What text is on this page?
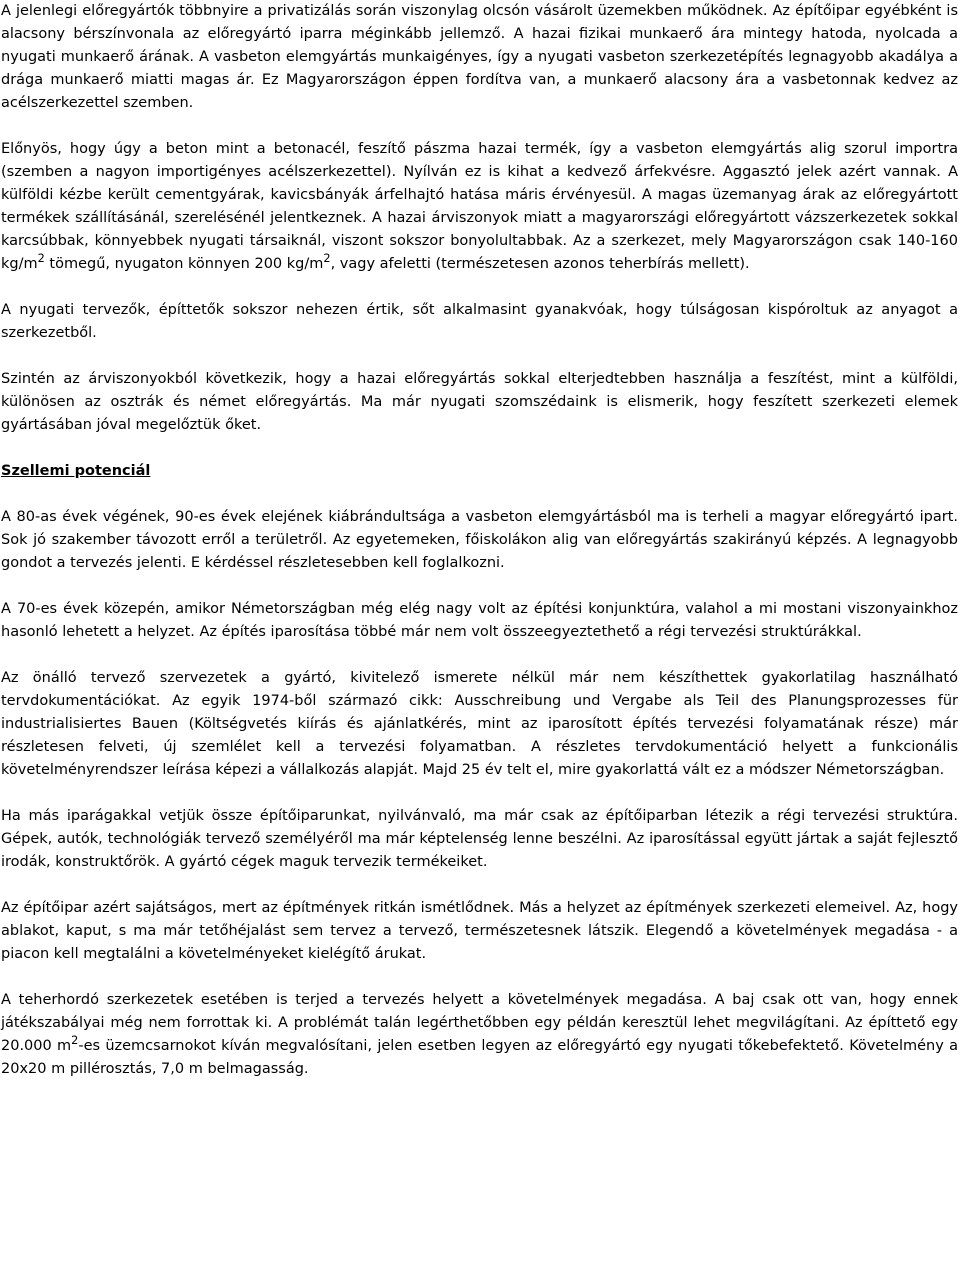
A jelenlegi előregyártók többnyire a privatizálás során viszonylag olcsón vásárolt üzemekben működnek. Az építőipar egyébként is alacsony bérszínvonala az előregyártó iparra méginkább jellemző. A hazai fizikai munkaerő ára mintegy hatoda, nyolcada a nyugati munkaerő árának. A vasbeton elemgyártás munkaigényes, így a nyugati vasbeton szerkezetépítés legnagyobb akadálya a drága munkaerő miatti magas ár. Ez Magyarországon éppen fordítva van, a munkaerő alacsony ára a vasbetonnak kedvez az acélszerkezettel szemben.

Előnyös, hogy úgy a beton mint a betonacél, feszítő pászma hazai termék, így a vasbeton elemgyártás alig szorul importra (szemben a nagyon importigényes acélszerkezettel). Nyílván ez is kihat a kedvező árfekvésre. Aggasztó jelek azért vannak. A külföldi kézbe került cementgyárak, kavicsbányák árfelhajtó hatása máris érvényesül. A magas üzemanyag árak az előregyártott termékek szállításánál, szerelésénél jelentkeznek. A hazai árviszonyok miatt a magyarországi előregyártott vázszerkezetek sokkal karcsúbbak, könnyebbek nyugati társaiknál, viszont sokszor bonyolultabbak. Az a szerkezet, mely Magyarországon csak 140-160 $kg/m^2$ tömegű, nyugaton könnyen 200 $kg/m^2$, vagy afeletti (természetesen azonos teherbírás mellett).

A nyugati tervezők, építtetők sokszor nehezen értik, sőt alkalmasint gyanakvóak, hogy túlságosan kispóroltuk az anyagot a szerkezetből.

Szintén az árviszonyokból következik, hogy a hazai előregyártás sokkal elterjedtebben használja a feszítést, mint a külföldi, különösen az osztrák és német előregyártás. Ma már nyugati szomszédaink is elismerik, hogy feszített szerkezeti elemek gyártásában jóval megelőztük őket.

Szellemi potenciál

A 80-as évek végének, 90-es évek elejének kiábrándultsága a vasbeton elemgyártásból ma is terheli a magyar előregyártó ipart. Sok jó szakember távozott erről a területről. Az egyetemeken, főiskolákon alig van előregyártás szakirányú képzés. A legnagyobb gondot a tervezés jelenti. E kérdéssel részletesebben kell foglalkozni.

A 70-es évek közepén, amikor Németországban még elég nagy volt az építési konjunktúra, valahol a mi mostani viszonyainkhoz hasonló lehetett a helyzet. Az építés iparosítása többé már nem volt összeegyeztethető a régi tervezési struktúrákkal.

Az önálló tervező szervezetek a gyártó, kivitelező ismerete nélkül már nem készíthettek gyakorlatilag használható tervdokumentációkat. Az egyik 1974-ből származó cikk: Ausschreibung und Vergabe als Teil des Planungsprozesses für industrialisiertes Bauen (Költségvetés kiírás és ajánlatkérés, mint az iparosított építés tervezési folyamatának része) már részletesen felveti, új szemlélet kell a tervezési folyamatban. A részletes tervdokumentáció helyett a funkcionális követelményrendszer leírása képezi a vállalkozás alapját. Majd 25 év telt el, mire gyakorlattá vált ez a módszer Németországban.

Ha más iparágakkal vetjük össze építőiparunkat, nyilvánvaló, ma már csak az építőiparban létezik a régi tervezési struktúra. Gépek, autók, technológiák tervező személyéről ma már képtelenség lenne beszélni. Az iparosítással együtt jártak a saját fejlesztő irodák, konstruktőrök. A gyártó cégek maguk tervezik termékeiket.

Az építőipar azért sajátságos, mert az építmények ritkán ismétlődnek. Más a helyzet az építmények szerkezeti elemeivel. Az, hogy ablakot, kaput, s ma már tetőhéjalást sem tervez a tervező, természetesnek látszik. Elegendő a követelmények megadása - a piacon kell megtalálni a követelményeket kielégítő árukat.

A teherhordó szerkezetek esetében is terjed a tervezés helyett a követelmények megadása. A baj csak ott van, hogy ennek játékszabályai még nem forrottak ki. A problémát talán legérthetőbben egy példán keresztül lehet megvilágítani. Az építtető egy 20.000 $m^2-es$ üzemcsarnokot kíván megvalósítani, jelen esetben legyen az előregyártó egy nyugati tőkebefektető. Követelmény a 20x20 m pillérosztás, 7,0 m belmagasság.
